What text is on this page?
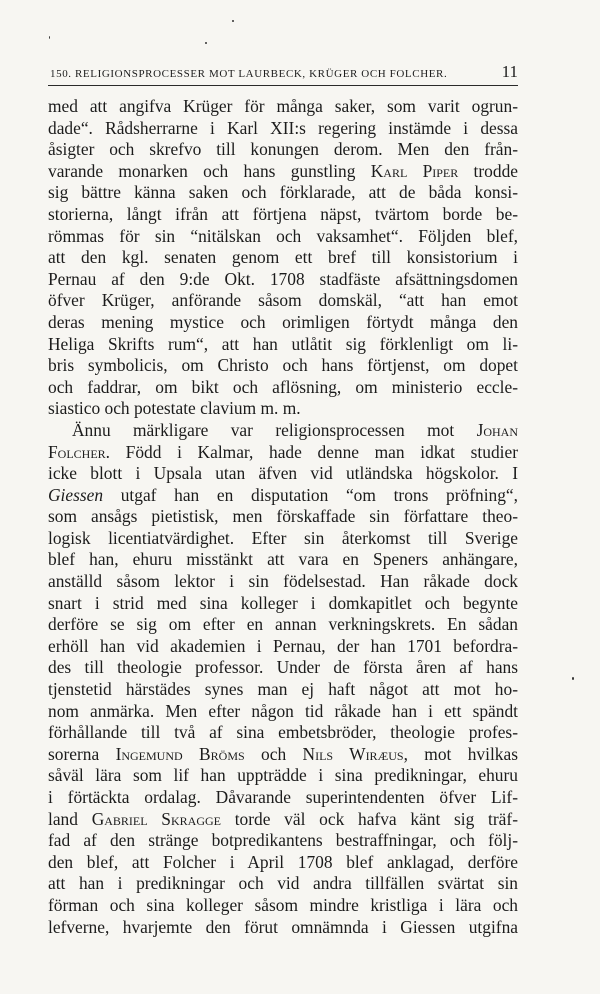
150. RELIGIONSPROCESSER MOT LAURBECK, KRÜGER OCH FOLCHER.	11
med att angifva Krüger för många saker, som varit ogrun-
dade“. Rådsherrarne i Karl XII:s regering instämde i dessa
åsigter och skrefvo till konungen derom. Men den från-
varande monarken och hans gunstling Karl Piper trodde
sig bättre känna saken och förklarade, att de båda konsi-
storierna, långt ifrån att förtjena näpst, tvärtom borde be-
römmas för sin “nitälskan och vaksamhet“. Följden blef,
att den kgl. senaten genom ett bref till konsistorium i
Pernau af den 9:de Okt. 1708 stadfäste afsättningsdomen
öfver Krüger, anförande såsom domskäl, “att han emot
deras mening mystice och orimligen förtydt många den
Heliga Skrifts rum“, att han utlåtit sig förklenligt om li-
bris symbolicis, om Christo och hans förtjenst, om dopet
och faddrar, om bikt och aflösning, om ministerio eccle-
siastico och potestate clavium m. m.
Ännu märkligare var religionsprocessen mot Johan
Folcher. Född i Kalmar, hade denne man idkat studier
icke blott i Upsala utan äfven vid utländska högskolor. I
Giessen utgaf han en disputation “om trons pröfning“,
som ansågs pietistisk, men förskaffade sin författare theo-
logisk licentiatvärdighet. Efter sin återkomst till Sverige
blef han, ehuru misstänkt att vara en Speners anhängare,
anställd såsom lektor i sin födelsestad. Han råkade dock
snart i strid med sina kolleger i domkapitlet och begynte
derföre se sig om efter en annan verkningskrets. En sådan
erhöll han vid akademien i Pernau, der han 1701 befordra-
des till theologie professor. Under de första åren af hans
tjenstetid härstädes synes man ej haft något att mot ho-
nom anmärka. Men efter någon tid råkade han i ett spändt
förhållande till två af sina embetsbröder, theologie profes-
sorerna Ingemund Bröms och Nils Wiræus, mot hvilkas
såväl lära som lif han uppträdde i sina predikningar, ehuru
i förtäckta ordalag. Dåvarande superintendenten öfver Lif-
land Gabriel Skragge torde väl ock hafva känt sig träf-
fad af den stränge botpredikantens bestraffningar, och följ-
den blef, att Folcher i April 1708 blef anklagad, derföre
att han i predikningar och vid andra tillfällen svärtat sin
förman och sina kolleger såsom mindre kristliga i lära och
lefverne, hvarjemte den förut omnämnda i Giessen utgifna
